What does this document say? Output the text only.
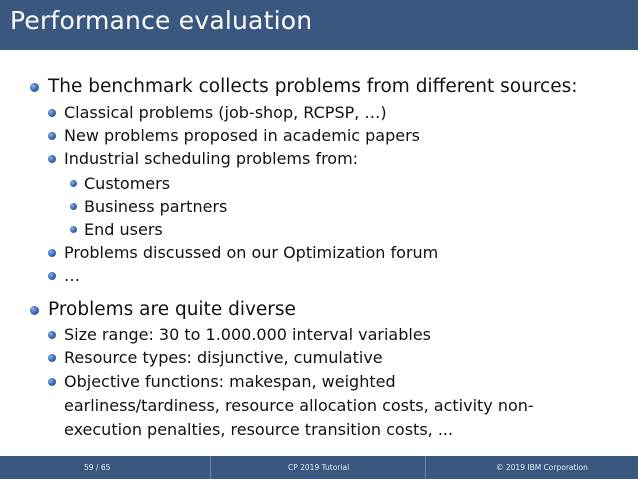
Performance evaluation
The benchmark collects problems from different sources:
Classical problems (job-shop, RCPSP, …)
New problems proposed in academic papers
Industrial scheduling problems from:
Customers
Business partners
End users
Problems discussed on our Optimization forum
…
Problems are quite diverse
Size range: 30 to 1.000.000 interval variables
Resource types: disjunctive, cumulative
Objective functions: makespan, weighted
earliness/tardiness, resource allocation costs, activity non-
execution penalties, resource transition costs, ...
59 / 65	CP 2019 Tutorial	© 2019 IBM Corporation
